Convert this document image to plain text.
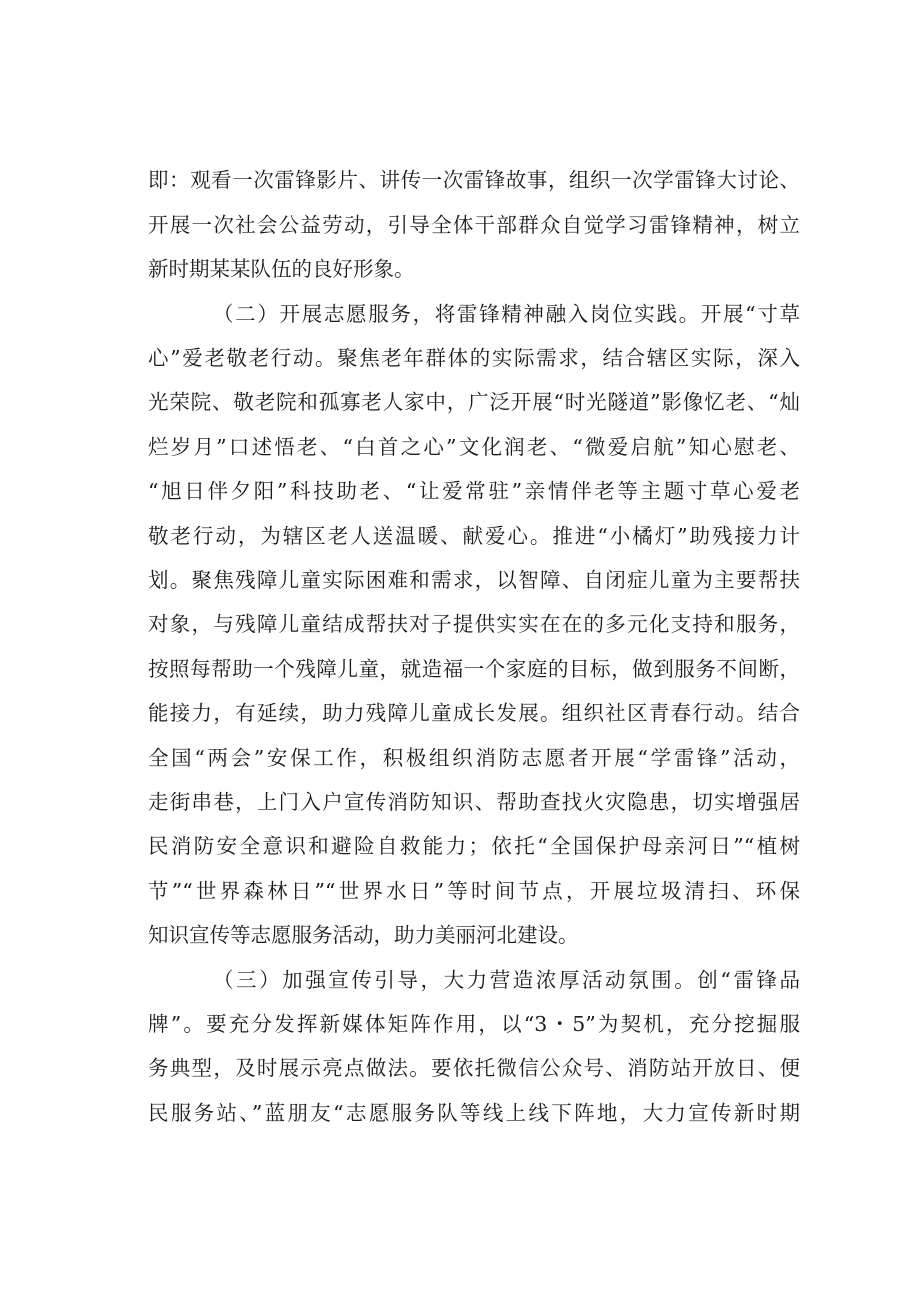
即：观看一次雷锋影片、讲传一次雷锋故事，组织一次学雷锋大讨论、

开展一次社会公益劳动，引导全体干部群众自觉学习雷锋精神，树立

新时期某某队伍的良好形象。

（二）开展志愿服务，将雷锋精神融入岗位实践。开展“寸草

心”爱老敬老行动。聚焦老年群体的实际需求，结合辖区实际，深入

光荣院、敬老院和孤寡老人家中，广泛开展“时光隧道”影像忆老、“灿

烂岁月”口述悟老、“白首之心”文化润老、“微爱启航”知心慰老、

“旭日伴夕阳”科技助老、“让爱常驻”亲情伴老等主题寸草心爱老

敬老行动，为辖区老人送温暖、献爱心。推进“小橘灯”助残接力计

划。聚焦残障儿童实际困难和需求，以智障、自闭症儿童为主要帮扶

对象，与残障儿童结成帮扶对子提供实实在在的多元化支持和服务，

按照每帮助一个残障儿童，就造福一个家庭的目标，做到服务不间断，

能接力，有延续，助力残障儿童成长发展。组织社区青春行动。结合

全国“两会”安保工作，积极组织消防志愿者开展“学雷锋”活动，

走街串巷，上门入户宣传消防知识、帮助查找火灾隐患，切实增强居

民消防安全意识和避险自救能力；依托“全国保护母亲河日”“植树

节”“世界森林日”“世界水日”等时间节点，开展垃圾清扫、环保

知识宣传等志愿服务活动，助力美丽河北建设。

（三）加强宣传引导，大力营造浓厚活动氛围。创“雷锋品

牌”。要充分发挥新媒体矩阵作用，以“3・5”为契机，充分挖掘服

务典型，及时展示亮点做法。要依托微信公众号、消防站开放日、便

民服务站、”蓝朋友“志愿服务队等线上线下阵地，大力宣传新时期
